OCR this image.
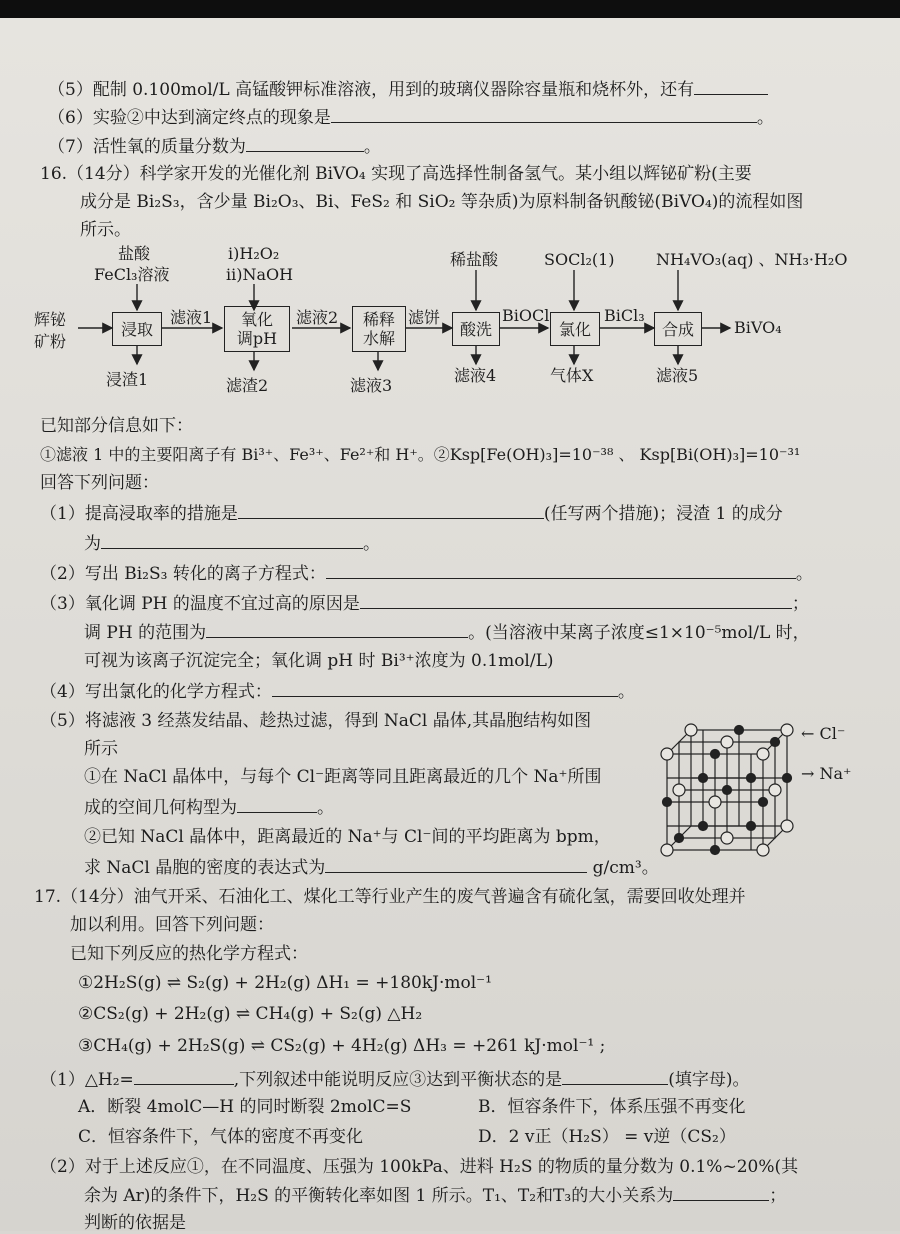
（5）配制 0.100mol/L 高锰酸钾标准溶液，用到的玻璃仪器除容量瓶和烧杯外，还有
（6）实验②中达到滴定终点的现象是	。
（7）活性氧的质量分数为	。
16.（14分）科学家开发的光催化剂 BiVO₄ 实现了高选择性制备氢气。某小组以辉铋矿粉(主要
成分是 Bi₂S₃，含少量 Bi₂O₃、Bi、FeS₂ 和 SiO₂ 等杂质)为原料制备钒酸铋(BiVO₄)的流程如图
所示。
辉铋
矿粉
盐酸
FeCl₃溶液
浸取
浸渣1
滤液1
i)H₂O₂
ii)NaOH
氧化
调pH
滤渣2
滤液2 稀释
水解
滤液3
滤饼
稀盐酸
酸洗
滤液4
BiOCl
SOCl₂(1)
氯化
气体X
BiCl₃
NH₄VO₃(aq) 、NH₃·H₂O
合成
滤液5
BiVO₄
已知部分信息如下：
①滤液 1 中的主要阳离子有 Bi³⁺、Fe³⁺、Fe²⁺和 H⁺。②Ksp[Fe(OH)₃]=10⁻³⁸ 、 Ksp[Bi(OH)₃]=10⁻³¹
回答下列问题：
（1）提高浸取率的措施是	(任写两个措施)；浸渣 1 的成分
为	。
（2）写出 Bi₂S₃ 转化的离子方程式：	。
（3）氧化调 PH 的温度不宜过高的原因是	；
调 PH 的范围为	。(当溶液中某离子浓度≤1×10⁻⁵mol/L 时，
可视为该离子沉淀完全；氧化调 pH 时 Bi³⁺浓度为 0.1mol/L)
（4）写出氯化的化学方程式：	。
（5）将滤液 3 经蒸发结晶、趁热过滤，得到 NaCl 晶体,其晶胞结构如图
所示
①在 NaCl 晶体中，与每个 Cl⁻距离等同且距离最近的几个 Na⁺所围
成的空间几何构型为	。
②已知 NaCl 晶体中，距离最近的 Na⁺与 Cl⁻间的平均距离为 bpm，
求 NaCl 晶胞的密度的表达式为	g/cm³。
← Cl⁻
→ Na⁺
17.（14分）油气开采、石油化工、煤化工等行业产生的废气普遍含有硫化氢，需要回收处理并
加以利用。回答下列问题：
已知下列反应的热化学方程式：
①2H₂S(g) ⇌ S₂(g) + 2H₂(g) ΔH₁ = +180kJ·mol⁻¹
②CS₂(g) + 2H₂(g) ⇌ CH₄(g) + S₂(g) △H₂
③CH₄(g) + 2H₂S(g) ⇌ CS₂(g) + 4H₂(g) ΔH₃ = +261 kJ·mol⁻¹ ;
（1）△H₂=	,下列叙述中能说明反应③达到平衡状态的是	(填字母)。
A．断裂 4molC—H 的同时断裂 2molC=S	B．恒容条件下，体系压强不再变化
C．恒容条件下，气体的密度不再变化	D．2 v正（H₂S） = v逆（CS₂）
（2）对于上述反应①，在不同温度、压强为 100kPa、进料 H₂S 的物质的量分数为 0.1%~20%(其
余为 Ar)的条件下，H₂S 的平衡转化率如图 1 所示。T₁、T₂和T₃的大小关系为	；
判断的依据是
